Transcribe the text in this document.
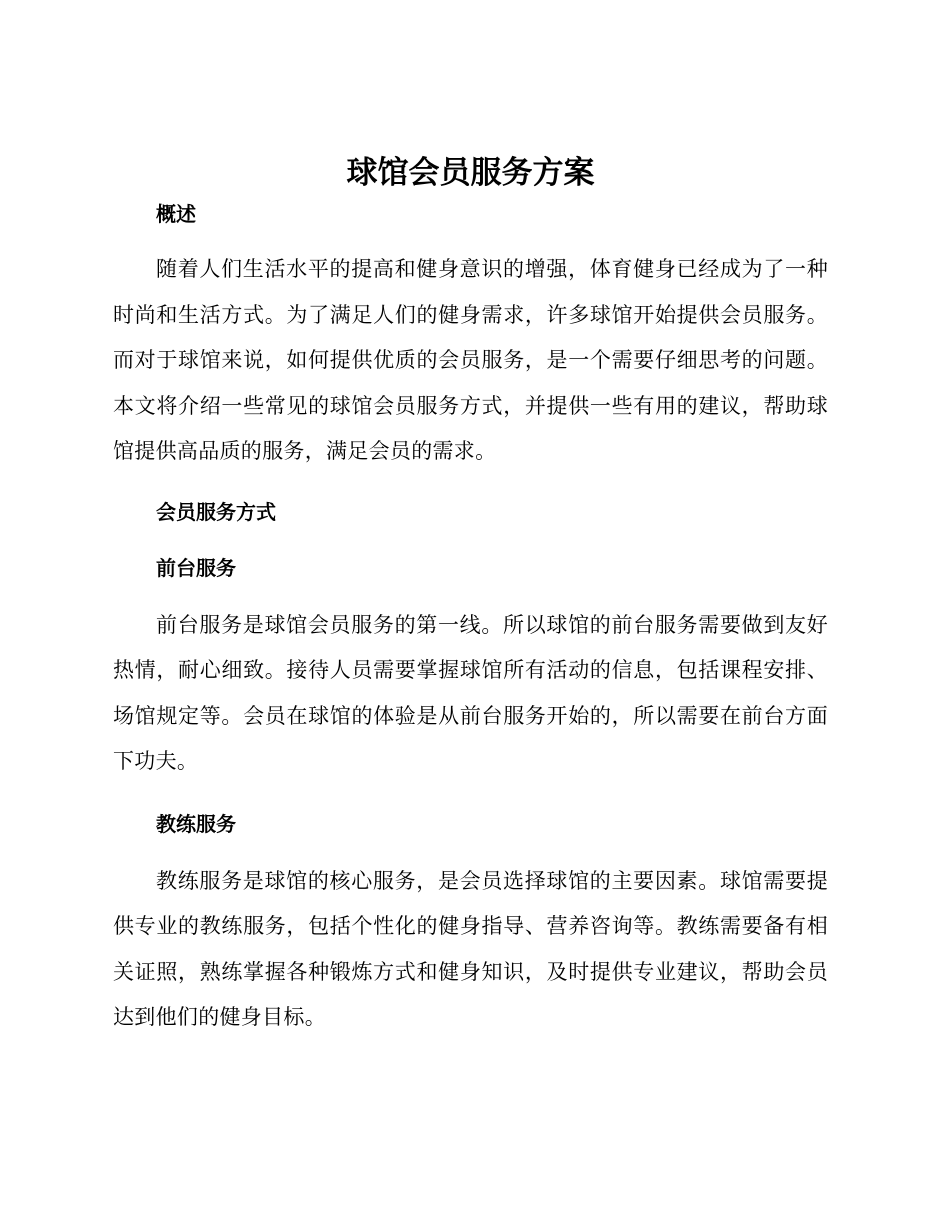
球馆会员服务方案
概述

随着人们生活水平的提高和健身意识的增强，体育健身已经成为了一种时尚和生活方式。为了满足人们的健身需求，许多球馆开始提供会员服务。而对于球馆来说，如何提供优质的会员服务，是一个需要仔细思考的问题。本文将介绍一些常见的球馆会员服务方式，并提供一些有用的建议，帮助球馆提供高品质的服务，满足会员的需求。

会员服务方式
前台服务

前台服务是球馆会员服务的第一线。所以球馆的前台服务需要做到友好热情，耐心细致。接待人员需要掌握球馆所有活动的信息，包括课程安排、场馆规定等。会员在球馆的体验是从前台服务开始的，所以需要在前台方面下功夫。

教练服务

教练服务是球馆的核心服务，是会员选择球馆的主要因素。球馆需要提供专业的教练服务，包括个性化的健身指导、营养咨询等。教练需要备有相关证照，熟练掌握各种锻炼方式和健身知识，及时提供专业建议，帮助会员达到他们的健身目标。
